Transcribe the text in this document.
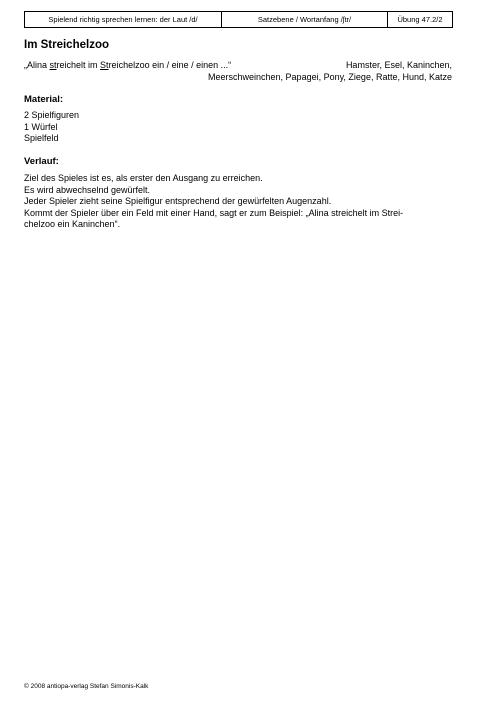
Spielend richtig sprechen lernen: der Laut /d/	Satzebene / Wortanfang /ʃtr/	Übung 47.2/2
Im Streichelzoo
„Alina streichelt im Streichelzoo ein / eine / einen ...“	Hamster, Esel, Kaninchen,
Meerschweinchen, Papagei, Pony, Ziege, Ratte, Hund, Katze
Material:
2 Spielfiguren
1 Würfel
Spielfeld
Verlauf:
Ziel des Spieles ist es, als erster den Ausgang zu erreichen.
Es wird abwechselnd gewürfelt.
Jeder Spieler zieht seine Spielfigur entsprechend der gewürfelten Augenzahl.
Kommt der Spieler über ein Feld mit einer Hand, sagt er zum Beispiel: „Alina streichelt im Strei-
chelzoo ein Kaninchen“.
© 2008 antiopa-verlag Stefan Simonis-Kalk
